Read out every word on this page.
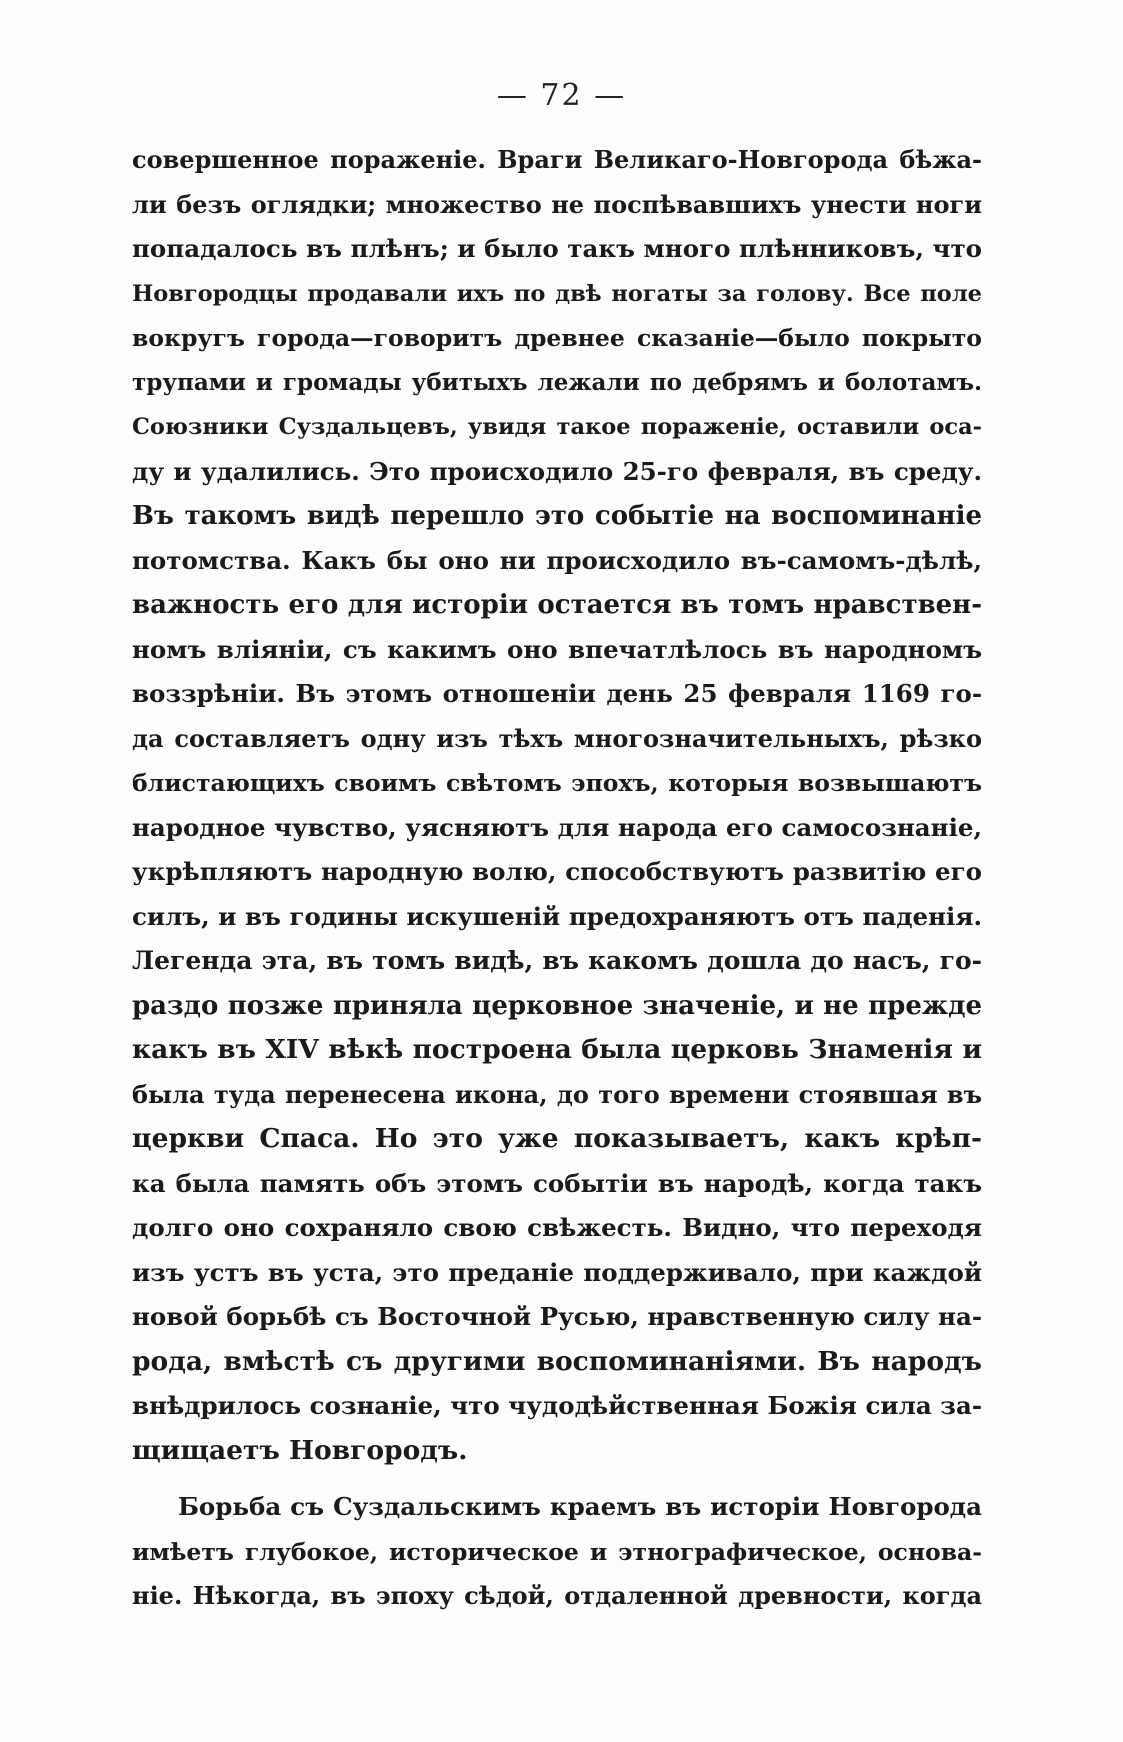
— 72 —
совершенное пораженіе. Враги Великаго-Новгорода бѣжа-
ли безъ оглядки; множество не поспѣвавшихъ унести ноги
попадалось въ плѣнъ; и было такъ много плѣнниковъ, что
Новгородцы продавали ихъ по двѣ ногаты за голову. Все поле
вокругъ города—говоритъ древнее сказаніе—было покрыто
трупами и громады убитыхъ лежали по дебрямъ и болотамъ.
Союзники Суздальцевъ, увидя такое пораженіе, оставили оса-
ду и удалились. Это происходило 25-го февраля, въ среду.
Въ такомъ видѣ перешло это событіе на воспоминаніе
потомства. Какъ бы оно ни происходило въ-самомъ-дѣлѣ,
важность его для исторіи остается въ томъ нравствен-
номъ вліяніи, съ какимъ оно впечатлѣлось въ народномъ
воззрѣніи. Въ этомъ отношеніи день 25 февраля 1169 го-
да составляетъ одну изъ тѣхъ многозначительныхъ, рѣзко
блистающихъ своимъ свѣтомъ эпохъ, которыя возвышаютъ
народное чувство, уясняютъ для народа его самосознаніе,
укрѣпляютъ народную волю, способствуютъ развитію его
силъ, и въ годины искушеній предохраняютъ отъ паденія.
Легенда эта, въ томъ видѣ, въ какомъ дошла до насъ, го-
раздо позже приняла церковное значеніе, и не прежде
какъ въ XIV вѣкѣ построена была церковь Знаменія и
была туда перенесена икона, до того времени стоявшая въ
церкви Спаса. Но это уже показываетъ, какъ крѣп-
ка была память объ этомъ событіи въ народѣ, когда такъ
долго оно сохраняло свою свѣжесть. Видно, что переходя
изъ устъ въ уста, это преданіе поддерживало, при каждой
новой борьбѣ съ Восточной Русью, нравственную силу на-
рода, вмѣстѣ съ другими воспоминаніями. Въ народъ
внѣдрилось сознаніе, что чудодѣйственная Божія сила за-
щищаетъ Новгородъ.
Борьба съ Суздальскимъ краемъ въ исторіи Новгорода
имѣетъ глубокое, историческое и этнографическое, основа-
ніе. Нѣкогда, въ эпоху сѣдой, отдаленной древности, когда
